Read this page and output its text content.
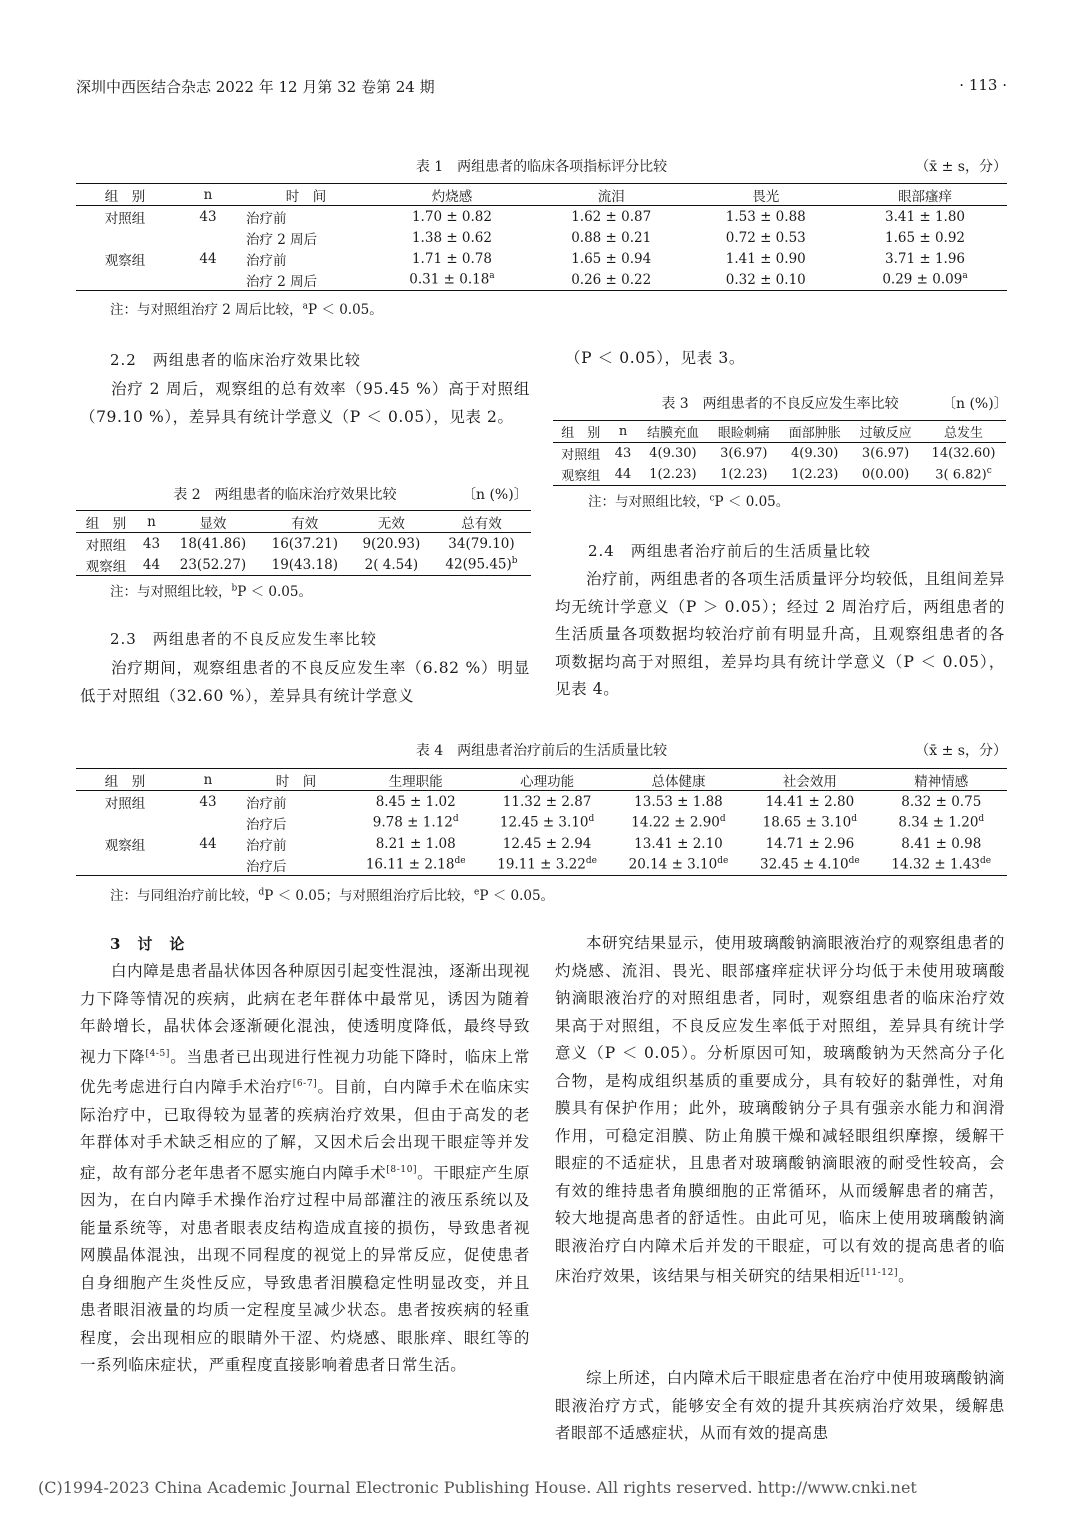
深圳中西医结合杂志 2022 年 12 月第 32 卷第 24 期	· 113 ·
表 1　两组患者的临床各项指标评分比较	（x̄ ± s，分）
组　别	n	时　间	灼烧感	流泪	畏光	眼部瘙痒
对照组	43	治疗前	1.70 ± 0.82	1.62 ± 0.87	1.53 ± 0.88	3.41 ± 1.80
		治疗 2 周后	1.38 ± 0.62	0.88 ± 0.21	0.72 ± 0.53	1.65 ± 0.92
观察组	44	治疗前	1.71 ± 0.78	1.65 ± 0.94	1.41 ± 0.90	3.71 ± 1.96
		治疗 2 周后	0.31 ± 0.18$^a$	0.26 ± 0.22	0.32 ± 0.10	0.29 ± 0.09$^a$
注：与对照组治疗 2 周后比较，$^a$P ＜ 0.05。
2.2　两组患者的临床治疗效果比较
治疗 2 周后，观察组的总有效率（95.45 %）高于对照组（79.10 %），差异具有统计学意义（P ＜ 0.05），见表 2。
表 2　两组患者的临床治疗效果比较	〔n (%)〕
组　别	n	显效	有效	无效	总有效
对照组	43	18(41.86)	16(37.21)	9(20.93)	34(79.10)
观察组	44	23(52.27)	19(43.18)	2( 4.54)	$42(95.45)^b$
注：与对照组比较，$^b$P ＜ 0.05。
2.3　两组患者的不良反应发生率比较
治疗期间，观察组患者的不良反应发生率（6.82 %）明显低于对照组（32.60 %），差异具有统计学意义
（P ＜ 0.05），见表 3。
表 3　两组患者的不良反应发生率比较	〔n (%)〕
组　别	n	结膜充血	眼睑刺痛	面部肿胀	过敏反应	总发生
对照组	43	4(9.30)	3(6.97)	4(9.30)	3(6.97)	14(32.60)
观察组	44	1(2.23)	1(2.23)	1(2.23)	0(0.00)	3( 6.82)$^c$
注：与对照组比较，$^c$P ＜ 0.05。
2.4　两组患者治疗前后的生活质量比较
治疗前，两组患者的各项生活质量评分均较低，且组间差异均无统计学意义（P ＞ 0.05）；经过 2 周治疗后，两组患者的生活质量各项数据均较治疗前有明显升高，且观察组患者的各项数据均高于对照组，差异均具有统计学意义（P ＜ 0.05），见表 4。
表 4　两组患者治疗前后的生活质量比较	（x̄ ± s，分）
组　别	n	时　间	生理职能	心理功能	总体健康	社会效用	精神情感
对照组	43	治疗前	8.45 ± 1.02	11.32 ± 2.87	13.53 ± 1.88	14.41 ± 2.80	8.32 ± 0.75
		治疗后	9.78 ± 1.12$^d$	12.45 ± 3.10$^d$	14.22 ± 2.90$^d$	18.65 ± 3.10$^d$	8.34 ± 1.20$^d$
观察组	44	治疗前	8.21 ± 1.08	12.45 ± 2.94	13.41 ± 2.10	14.71 ± 2.96	8.41 ± 0.98
		治疗后	16.11 ± 2.18de	19.11 ± 3.22de	20.14 ± 3.10de	32.45 ± 4.10de	14.32 ± 1.43de
注：与同组治疗前比较，$^d$P ＜ 0.05；与对照组治疗后比较，$^e$P ＜ 0.05。
3　讨　论
白内障是患者晶状体因各种原因引起变性混浊，逐渐出现视力下降等情况的疾病，此病在老年群体中最常见，诱因为随着年龄增长，晶状体会逐渐硬化混浊，使透明度降低，最终导致视力下降[4-5]。当患者已出现进行性视力功能下降时，临床上常优先考虑进行白内障手术治疗[6-7]。目前，白内障手术在临床实际治疗中，已取得较为显著的疾病治疗效果，但由于高发的老年群体对手术缺乏相应的了解，又因术后会出现干眼症等并发症，故有部分老年患者不愿实施白内障手术[8-10]。干眼症产生原因为，在白内障手术操作治疗过程中局部灌注的液压系统以及能量系统等，对患者眼表皮结构造成直接的损伤，导致患者视网膜晶体混浊，出现不同程度的视觉上的异常反应，促使患者自身细胞产生炎性反应，导致患者泪膜稳定性明显改变，并且患者眼泪液量的均质一定程度呈减少状态。患者按疾病的轻重程度，会出现相应的眼睛外干涩、灼烧感、眼胀痒、眼红等的一系列临床症状，严重程度直接影响着患者日常生活。
本研究结果显示，使用玻璃酸钠滴眼液治疗的观察组患者的灼烧感、流泪、畏光、眼部瘙痒症状评分均低于未使用玻璃酸钠滴眼液治疗的对照组患者，同时，观察组患者的临床治疗效果高于对照组，不良反应发生率低于对照组，差异具有统计学意义（P ＜ 0.05）。分析原因可知，玻璃酸钠为天然高分子化合物，是构成组织基质的重要成分，具有较好的黏弹性，对角膜具有保护作用；此外，玻璃酸钠分子具有强亲水能力和润滑作用，可稳定泪膜、防止角膜干燥和减轻眼组织摩擦，缓解干眼症的不适症状，且患者对玻璃酸钠滴眼液的耐受性较高，会有效的维持患者角膜细胞的正常循环，从而缓解患者的痛苦，较大地提高患者的舒适性。由此可见，临床上使用玻璃酸钠滴眼液治疗白内障术后并发的干眼症，可以有效的提高患者的临床治疗效果，该结果与相关研究的结果相近[11-12]。
综上所述，白内障术后干眼症患者在治疗中使用玻璃酸钠滴眼液治疗方式，能够安全有效的提升其疾病治疗效果，缓解患者眼部不适感症状，从而有效的提高患
(C)1994-2023 China Academic Journal Electronic Publishing House. All rights reserved. http://www.cnki.net
